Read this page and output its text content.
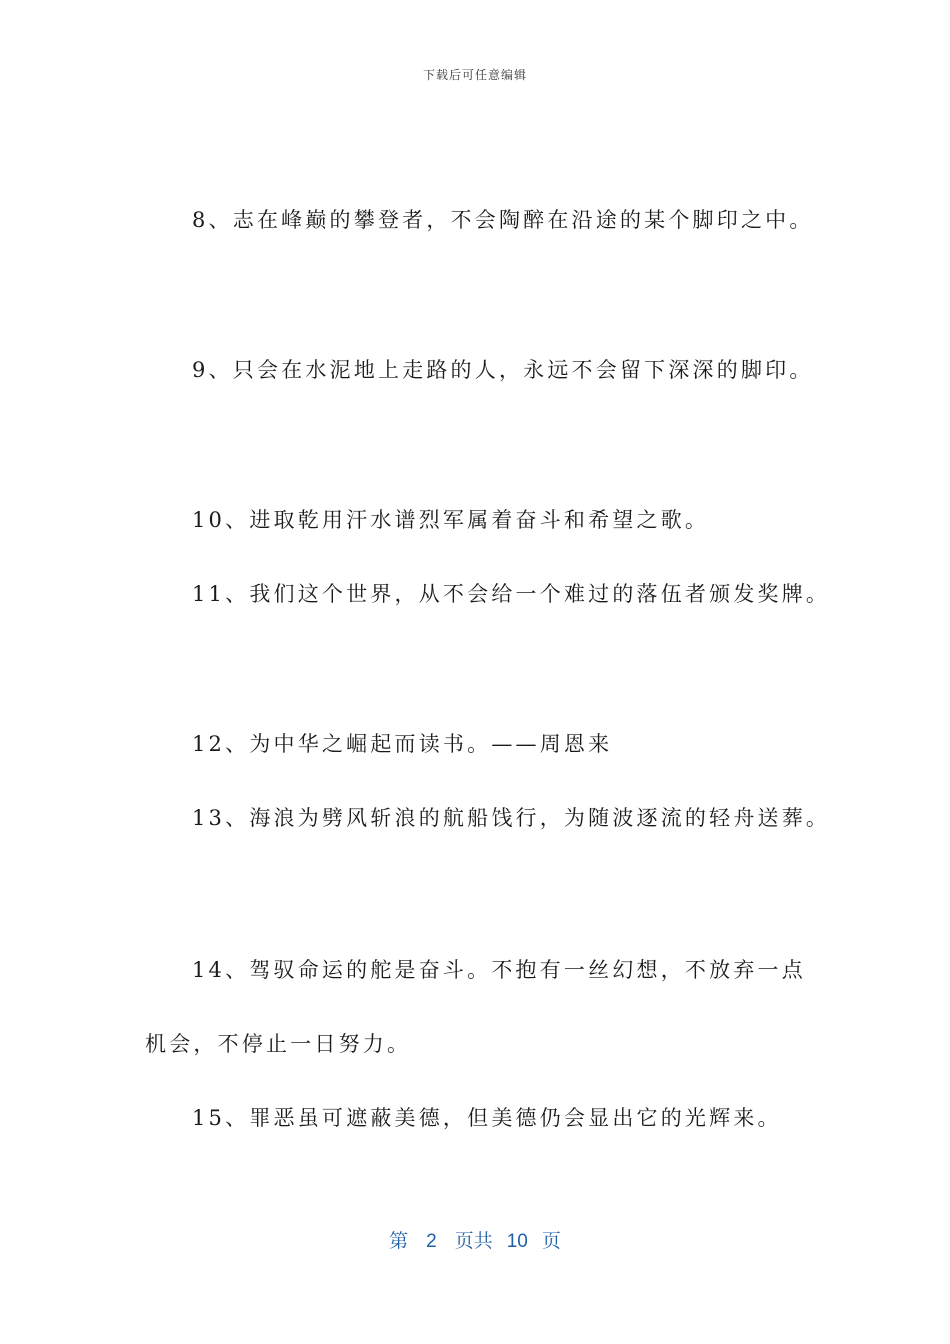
下载后可任意编辑
8、志在峰巅的攀登者，不会陶醉在沿途的某个脚印之中。
9、只会在水泥地上走路的人，永远不会留下深深的脚印。
10、进取乾用汗水谱烈军属着奋斗和希望之歌。
11、我们这个世界，从不会给一个难过的落伍者颁发奖牌。
12、为中华之崛起而读书。——周恩来
13、海浪为劈风斩浪的航船饯行，为随波逐流的轻舟送葬。
14、驾驭命运的舵是奋斗。不抱有一丝幻想，不放弃一点
机会，不停止一日努力。
15、罪恶虽可遮蔽美德，但美德仍会显出它的光辉来。
第 2 页共 10 页
